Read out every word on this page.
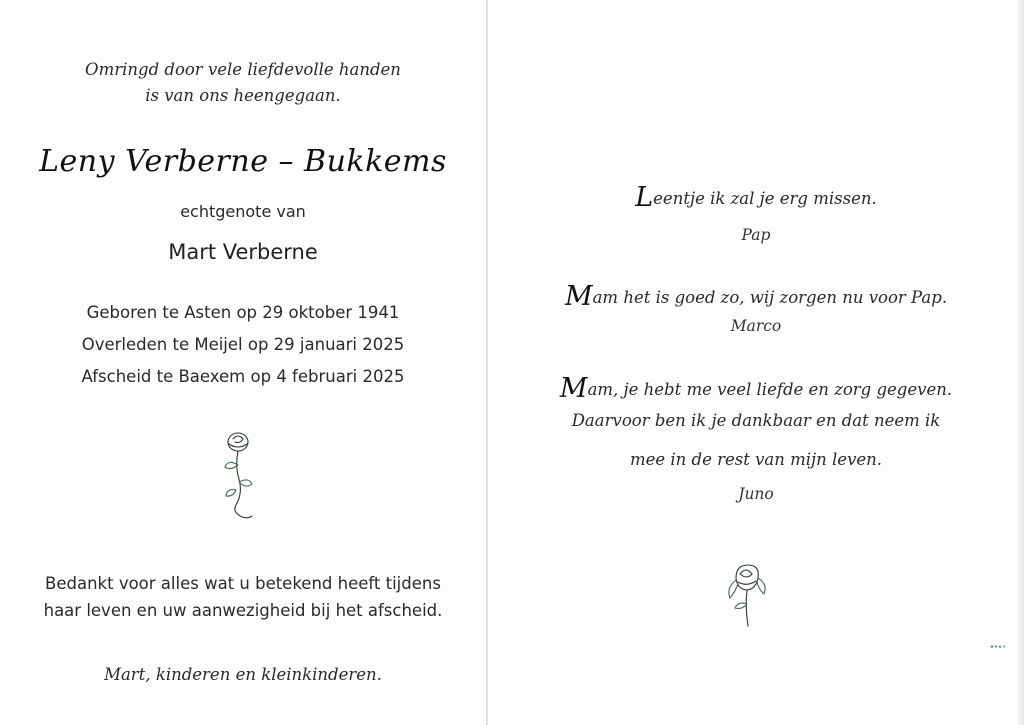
Omringd door vele liefdevolle handen
is van ons heengegaan.
Leny Verberne – Bukkems
echtgenote van
Mart Verberne
Geboren te Asten op 29 oktober 1941
Overleden te Meijel op 29 januari 2025
Afscheid te Baexem op 4 februari 2025
Bedankt voor alles wat u betekend heeft tijdens
haar leven en uw aanwezigheid bij het afscheid.
Mart, kinderen en kleinkinderen.
Leentje ik zal je erg missen.
Pap
Mam het is goed zo, wij zorgen nu voor Pap.
Marco
Mam, je hebt me veel liefde en zorg gegeven.
Daarvoor ben ik je dankbaar en dat neem ik
mee in de rest van mijn leven.
Juno
